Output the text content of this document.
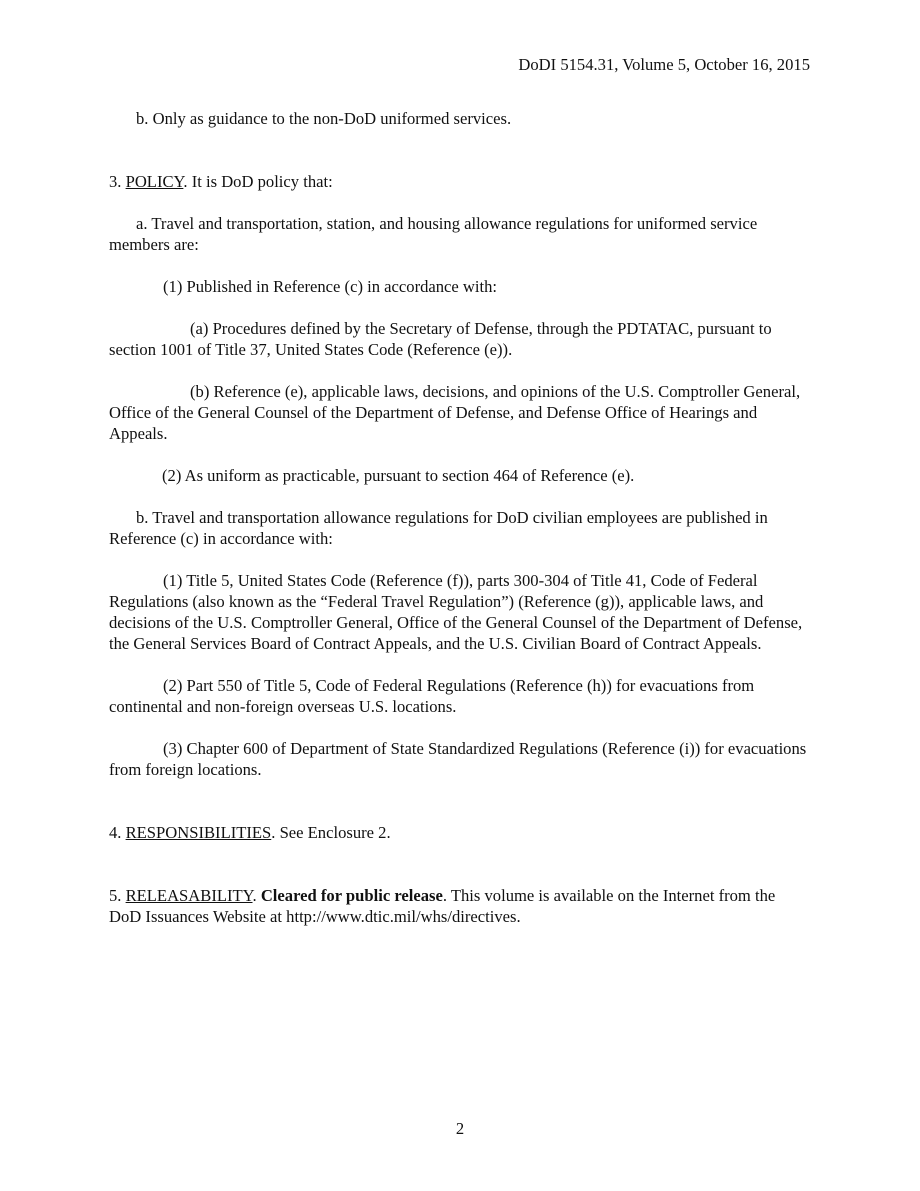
DoDI 5154.31, Volume 5, October 16, 2015

b. Only as guidance to the non-DoD uniformed services.

3. POLICY. It is DoD policy that:

a. Travel and transportation, station, and housing allowance regulations for uniformed service members are:

(1) Published in Reference (c) in accordance with:

(a) Procedures defined by the Secretary of Defense, through the PDTATAC, pursuant to section 1001 of Title 37, United States Code (Reference (e)).

(b) Reference (e), applicable laws, decisions, and opinions of the U.S. Comptroller General, Office of the General Counsel of the Department of Defense, and Defense Office of Hearings and Appeals.

(2) As uniform as practicable, pursuant to section 464 of Reference (e).

b. Travel and transportation allowance regulations for DoD civilian employees are published in Reference (c) in accordance with:

(1) Title 5, United States Code (Reference (f)), parts 300-304 of Title 41, Code of Federal Regulations (also known as the “Federal Travel Regulation”) (Reference (g)), applicable laws, and decisions of the U.S. Comptroller General, Office of the General Counsel of the Department of Defense, the General Services Board of Contract Appeals, and the U.S. Civilian Board of Contract Appeals.

(2) Part 550 of Title 5, Code of Federal Regulations (Reference (h)) for evacuations from continental and non-foreign overseas U.S. locations.

(3) Chapter 600 of Department of State Standardized Regulations (Reference (i)) for evacuations from foreign locations.

4. RESPONSIBILITIES. See Enclosure 2.

5. RELEASABILITY. Cleared for public release. This volume is available on the Internet from the DoD Issuances Website at http://www.dtic.mil/whs/directives.

2
